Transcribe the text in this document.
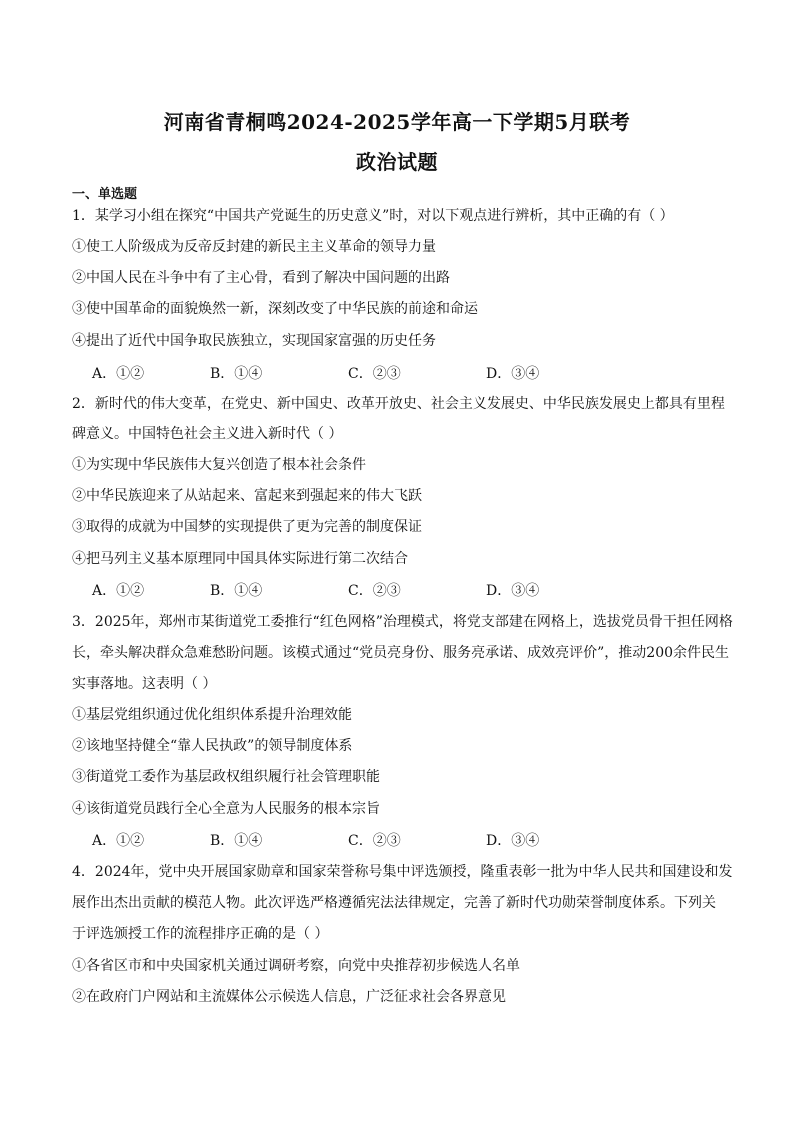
河南省青桐鸣2024-2025学年高一下学期5月联考
政治试题
一、单选题
1．某学习小组在探究“中国共产党诞生的历史意义”时，对以下观点进行辨析，其中正确的有（ ）
①使工人阶级成为反帝反封建的新民主主义革命的领导力量
②中国人民在斗争中有了主心骨，看到了解决中国问题的出路
③使中国革命的面貌焕然一新，深刻改变了中华民族的前途和命运
④提出了近代中国争取民族独立，实现国家富强的历史任务
A．①②	B．①④	C．②③	D．③④
2．新时代的伟大变革，在党史、新中国史、改革开放史、社会主义发展史、中华民族发展史上都具有里程
碑意义。中国特色社会主义进入新时代（ ）
①为实现中华民族伟大复兴创造了根本社会条件
②中华民族迎来了从站起来、富起来到强起来的伟大飞跃
③取得的成就为中国梦的实现提供了更为完善的制度保证
④把马列主义基本原理同中国具体实际进行第二次结合
A．①②	B．①④	C．②③	D．③④
3．2025年，郑州市某街道党工委推行“红色网格”治理模式，将党支部建在网格上，选拔党员骨干担任网格
长，牵头解决群众急难愁盼问题。该模式通过“党员亮身份、服务亮承诺、成效亮评价”，推动200余件民生
实事落地。这表明（ ）
①基层党组织通过优化组织体系提升治理效能
②该地坚持健全“靠人民执政”的领导制度体系
③街道党工委作为基层政权组织履行社会管理职能
④该街道党员践行全心全意为人民服务的根本宗旨
A．①②	B．①④	C．②③	D．③④
4．2024年，党中央开展国家勋章和国家荣誉称号集中评选颁授，隆重表彰一批为中华人民共和国建设和发
展作出杰出贡献的模范人物。此次评选严格遵循宪法法律规定，完善了新时代功勋荣誉制度体系。下列关
于评选颁授工作的流程排序正确的是（ ）
①各省区市和中央国家机关通过调研考察，向党中央推荐初步候选人名单
②在政府门户网站和主流媒体公示候选人信息，广泛征求社会各界意见
